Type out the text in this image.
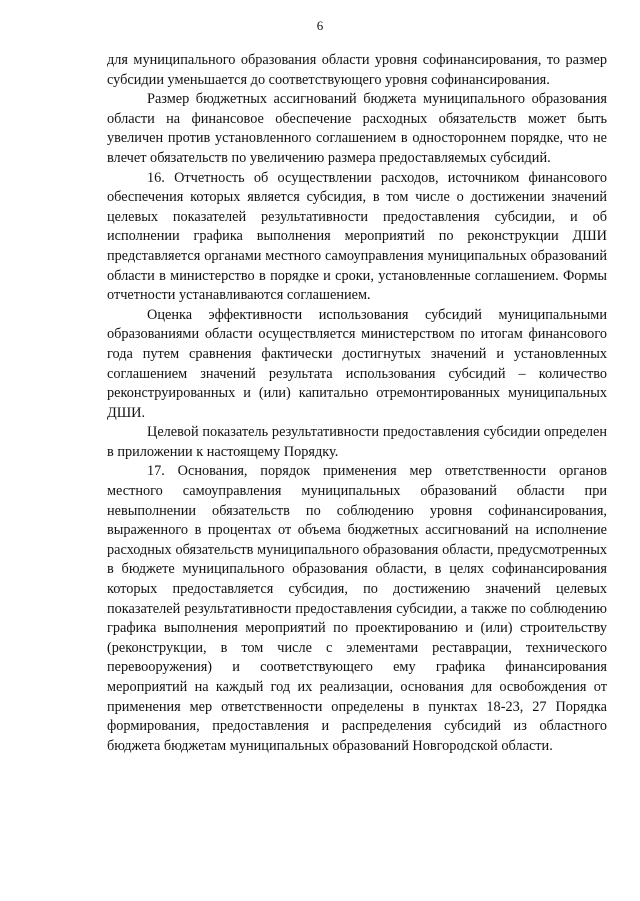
6

для муниципального образования области уровня софинансирования, то размер субсидии уменьшается до соответствующего уровня софинансирования.

Размер бюджетных ассигнований бюджета муниципального образования области на финансовое обеспечение расходных обязательств может быть увеличен против установленного соглашением в одностороннем порядке, что не влечет обязательств по увеличению размера предоставляемых субсидий.

16. Отчетность об осуществлении расходов, источником финансового обеспечения которых является субсидия, в том числе о достижении значений целевых показателей результативности предоставления субсидии, и об исполнении графика выполнения мероприятий по реконструкции ДШИ представляется органами местного самоуправления муниципальных образований области в министерство в порядке и сроки, установленные соглашением. Формы отчетности устанавливаются соглашением.

Оценка эффективности использования субсидий муниципальными образованиями области осуществляется министерством по итогам финансового года путем сравнения фактически достигнутых значений и установленных соглашением значений результата использования субсидий – количество реконструированных и (или) капитально отремонтированных муниципальных ДШИ.

Целевой показатель результативности предоставления субсидии определен в приложении к настоящему Порядку.

17. Основания, порядок применения мер ответственности органов местного самоуправления муниципальных образований области при невыполнении обязательств по соблюдению уровня софинансирования, выраженного в процентах от объема бюджетных ассигнований на исполнение расходных обязательств муниципального образования области, предусмотренных в бюджете муниципального образования области, в целях софинансирования которых предоставляется субсидия, по достижению значений целевых показателей результативности предоставления субсидии, а также по соблюдению графика выполнения мероприятий по проектированию и (или) строительству (реконструкции, в том числе с элементами реставрации, технического перевооружения) и соответствующего ему графика финансирования мероприятий на каждый год их реализации, основания для освобождения от применения мер ответственности определены в пунктах 18-23, 27 Порядка формирования, предоставления и распределения субсидий из областного бюджета бюджетам муниципальных образований Новгородской области.
